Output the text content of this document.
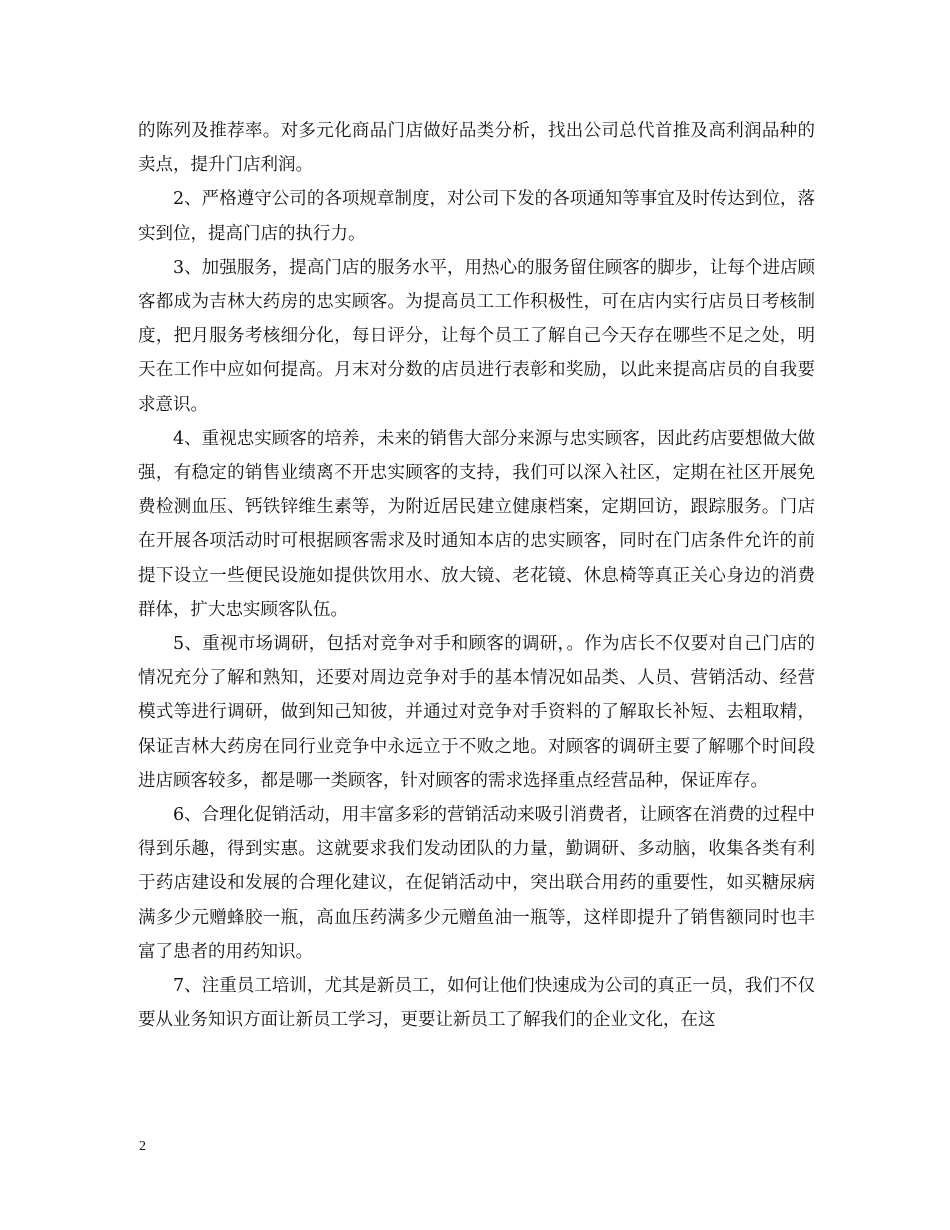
的陈列及推荐率。对多元化商品门店做好品类分析，找出公司总代首推及高利润品种的卖点，提升门店利润。

2、严格遵守公司的各项规章制度，对公司下发的各项通知等事宜及时传达到位，落实到位，提高门店的执行力。

3、加强服务，提高门店的服务水平，用热心的服务留住顾客的脚步，让每个进店顾客都成为吉林大药房的忠实顾客。为提高员工工作积极性，可在店内实行店员日考核制度，把月服务考核细分化，每日评分，让每个员工了解自己今天存在哪些不足之处，明天在工作中应如何提高。月末对分数的店员进行表彰和奖励，以此来提高店员的自我要求意识。

4、重视忠实顾客的培养，未来的销售大部分来源与忠实顾客，因此药店要想做大做强，有稳定的销售业绩离不开忠实顾客的支持，我们可以深入社区，定期在社区开展免费检测血压、钙铁锌维生素等，为附近居民建立健康档案，定期回访，跟踪服务。门店在开展各项活动时可根据顾客需求及时通知本店的忠实顾客，同时在门店条件允许的前提下设立一些便民设施如提供饮用水、放大镜、老花镜、休息椅等真正关心身边的消费群体，扩大忠实顾客队伍。

5、重视市场调研，包括对竞争对手和顾客的调研，。作为店长不仅要对自己门店的情况充分了解和熟知，还要对周边竞争对手的基本情况如品类、人员、营销活动、经营模式等进行调研，做到知己知彼，并通过对竞争对手资料的了解取长补短、去粗取精，保证吉林大药房在同行业竞争中永远立于不败之地。对顾客的调研主要了解哪个时间段进店顾客较多，都是哪一类顾客，针对顾客的需求选择重点经营品种，保证库存。

6、合理化促销活动，用丰富多彩的营销活动来吸引消费者，让顾客在消费的过程中得到乐趣，得到实惠。这就要求我们发动团队的力量，勤调研、多动脑，收集各类有利于药店建设和发展的合理化建议，在促销活动中，突出联合用药的重要性，如买糖尿病满多少元赠蜂胶一瓶，高血压药满多少元赠鱼油一瓶等，这样即提升了销售额同时也丰富了患者的用药知识。

7、注重员工培训，尤其是新员工，如何让他们快速成为公司的真正一员，我们不仅要从业务知识方面让新员工学习，更要让新员工了解我们的企业文化，在这

2
